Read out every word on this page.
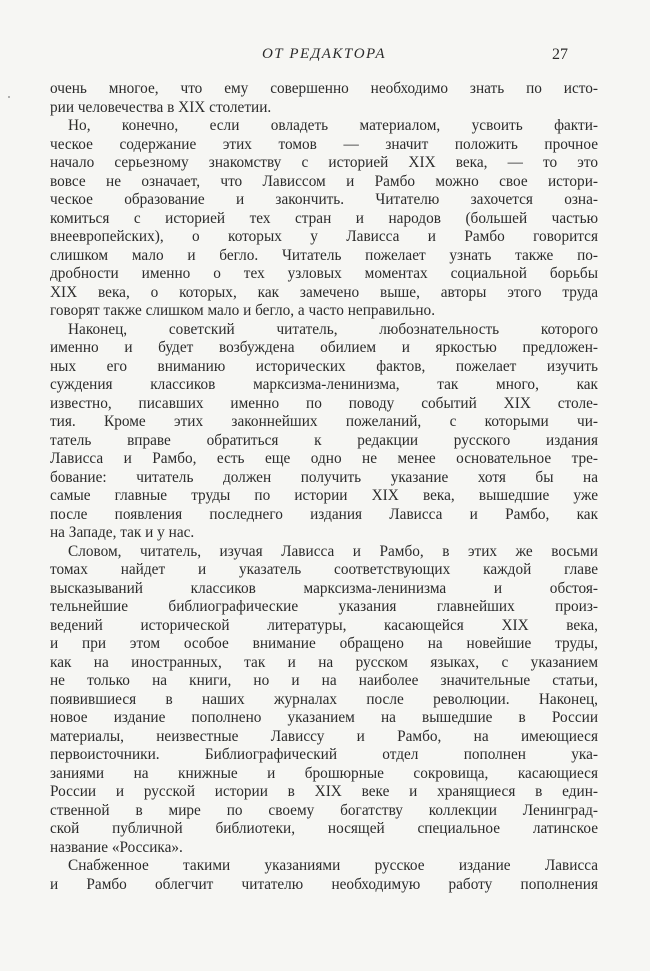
ОТ РЕДАКТОРА	27
очень многое, что ему совершенно необходимо знать по исто-
рии человечества в XIX столетии.
Но, конечно, если овладеть материалом, усвоить факти-
ческое содержание этих томов — значит положить прочное
начало серьезному знакомству с историей XIX века, — то это
вовсе не означает, что Лависсом и Рамбо можно свое истори-
ческое образование и закончить. Читателю захочется озна-
комиться с историей тех стран и народов (большей частью
внеевропейских), о которых у Лависса и Рамбо говорится
слишком мало и бегло. Читатель пожелает узнать также по-
дробности именно о тех узловых моментах социальной борьбы
XIX века, о которых, как замечено выше, авторы этого труда
говорят также слишком мало и бегло, а часто неправильно.
Наконец, советский читатель, любознательность которого
именно и будет возбуждена обилием и яркостью предложен-
ных его вниманию исторических фактов, пожелает изучить
суждения классиков марксизма-ленинизма, так много, как
известно, писавших именно по поводу событий XIX столе-
тия. Кроме этих законнейших пожеланий, с которыми чи-
татель вправе обратиться к редакции русского издания
Лависса и Рамбо, есть еще одно не менее основательное тре-
бование: читатель должен получить указание хотя бы на
самые главные труды по истории XIX века, вышедшие уже
после появления последнего издания Лависса и Рамбо, как
на Западе, так и у нас.
Словом, читатель, изучая Лависса и Рамбо, в этих же восьми
томах найдет и указатель соответствующих каждой главе
высказываний классиков марксизма-ленинизма и обстоя-
тельнейшие библиографические указания главнейших произ-
ведений исторической литературы, касающейся XIX века,
и при этом особое внимание обращено на новейшие труды,
как на иностранных, так и на русском языках, с указанием
не только на книги, но и на наиболее значительные статьи,
появившиеся в наших журналах после революции. Наконец,
новое издание пополнено указанием на вышедшие в России
материалы, неизвестные Лависсу и Рамбо, на имеющиеся
первоисточники. Библиографический отдел пополнен ука-
заниями на книжные и брошюрные сокровища, касающиеся
России и русской истории в XIX веке и хранящиеся в един-
ственной в мире по своему богатству коллекции Ленинград-
ской публичной библиотеки, носящей специальное латинское
название «Россика».
Снабженное такими указаниями русское издание Лависса
и Рамбо облегчит читателю необходимую работу пополнения
